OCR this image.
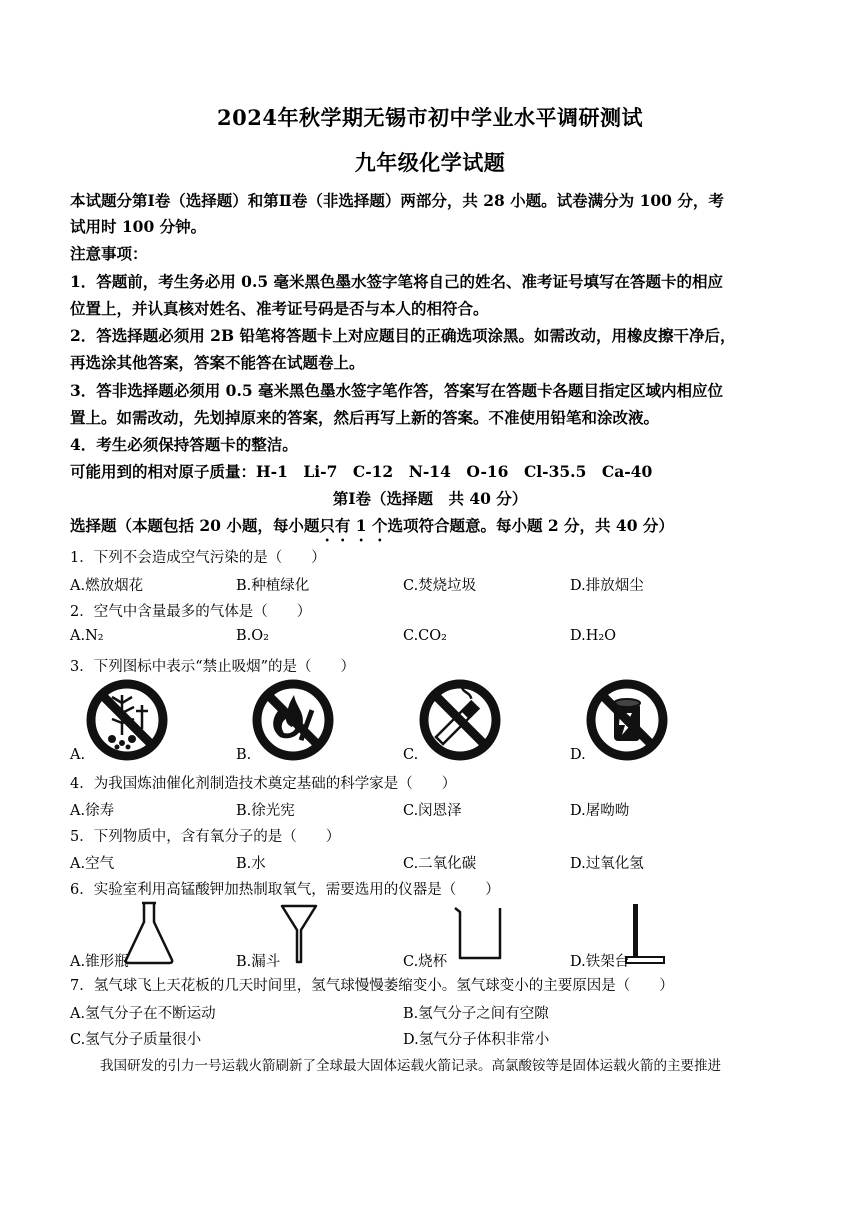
2024年秋学期无锡市初中学业水平调研测试
九年级化学试题
本试题分第Ⅰ卷（选择题）和第Ⅱ卷（非选择题）两部分，共 28 小题。试卷满分为 100 分，考
试用时 100 分钟。
注意事项：
1．答题前，考生务必用 0.5 毫米黑色墨水签字笔将自己的姓名、准考证号填写在答题卡的相应
位置上，并认真核对姓名、准考证号码是否与本人的相符合。
2．答选择题必须用 2B 铅笔将答题卡上对应题目的正确选项涂黑。如需改动，用橡皮擦干净后，
再选涂其他答案，答案不能答在试题卷上。
3．答非选择题必须用 0.5 毫米黑色墨水签字笔作答，答案写在答题卡各题目指定区域内相应位
置上。如需改动，先划掉原来的答案，然后再写上新的答案。不准使用铅笔和涂改液。
4．考生必须保持答题卡的整洁。
可能用到的相对原子质量：H-1　Li-7　C-12　N-14　O-16　Cl-35.5　Ca-40
第Ⅰ卷（选择题　共 40 分）
选择题（本题包括 20 小题，每小题只有 1 个选项符合题意。每小题 2 分，共 40 分）
1．下列不会造成空气污染的是（　　）
A.燃放烟花	B.种植绿化	C.焚烧垃圾	D.排放烟尘
2．空气中含量最多的气体是（　　）
A.N₂	B.O₂	C.CO₂	D.H₂O
3．下列图标中表示“禁止吸烟”的是（　　）
A.	B.	C.	D.
4．为我国炼油催化剂制造技术奠定基础的科学家是（　　）
A.徐寿	B.徐光宪	C.闵恩泽	D.屠呦呦
5．下列物质中，含有氧分子的是（　　）
A.空气	B.水	C.二氧化碳	D.过氧化氢
6．实验室利用高锰酸钾加热制取氧气，需要选用的仪器是（　　）
A.锥形瓶	B.漏斗	C.烧杯	D.铁架台
7．氢气球飞上天花板的几天时间里，氢气球慢慢萎缩变小。氢气球变小的主要原因是（　　）
A.氢气分子在不断运动	B.氢气分子之间有空隙
C.氢气分子质量很小	D.氢气分子体积非常小
我国研发的引力一号运载火箭刷新了全球最大固体运载火箭记录。高氯酸铵等是固体运载火箭的主要推进
